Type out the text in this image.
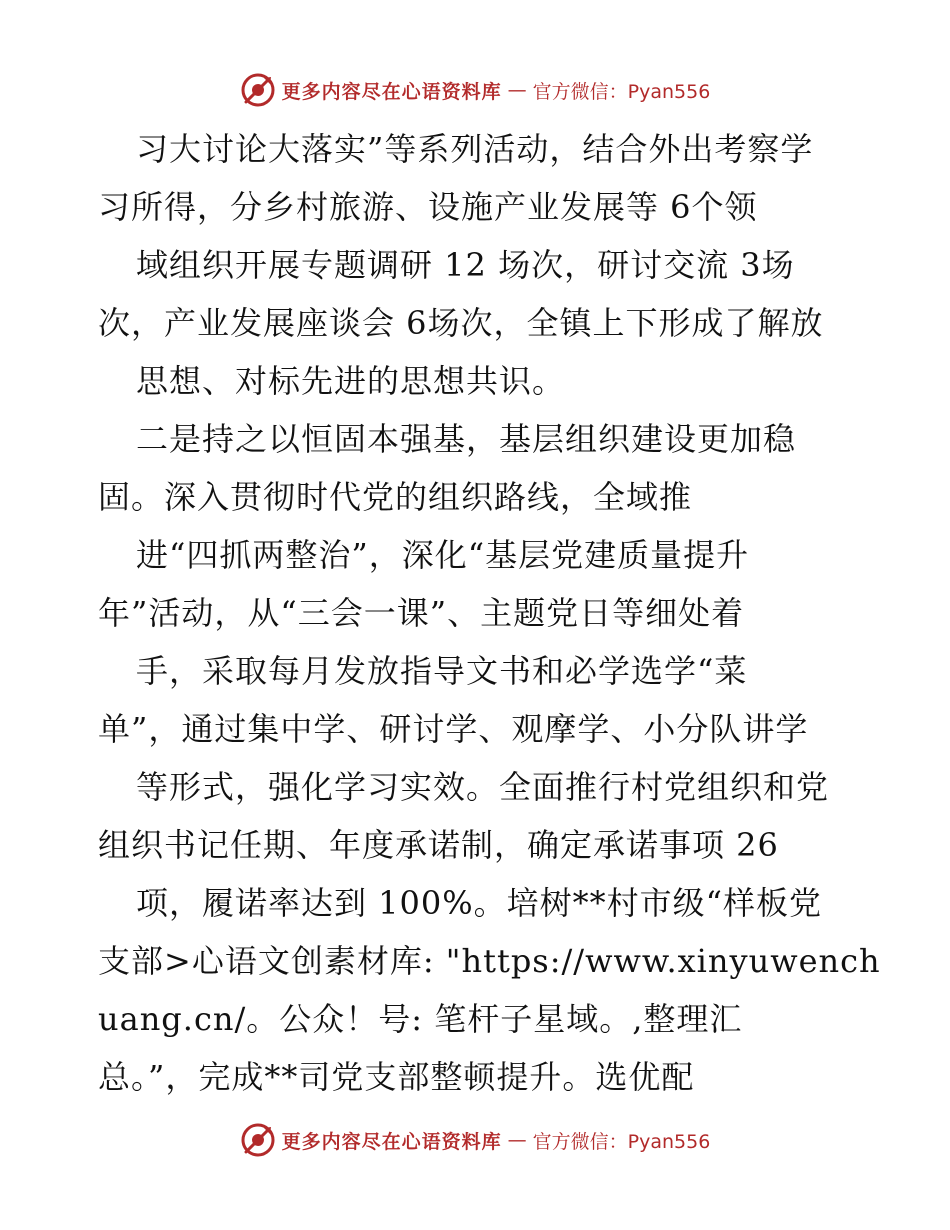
更多内容尽在心语资料库 — 官方微信：Pyan556
习大讨论大落实”等系列活动，结合外出考察学
习所得，分乡村旅游、设施产业发展等 6个领
域组织开展专题调研 12 场次，研讨交流 3场
次，产业发展座谈会 6场次，全镇上下形成了解放
思想、对标先进的思想共识。
二是持之以恒固本强基，基层组织建设更加稳
固。深入贯彻时代党的组织路线，全域推
进“四抓两整治”，深化“基层党建质量提升
年”活动，从“三会一课”、主题党日等细处着
手，采取每月发放指导文书和必学选学“菜
单”，通过集中学、研讨学、观摩学、小分队讲学
等形式，强化学习实效。全面推行村党组织和党
组织书记任期、年度承诺制，确定承诺事项 26
项，履诺率达到 100%。培树**村市级“样板党
支部>心语文创素材库: "https://www.xinyuwench
uang.cn/。公众！号: 笔杆子星域。,整理汇
总。”，完成**司党支部整顿提升。选优配
更多内容尽在心语资料库 — 官方微信：Pyan556
